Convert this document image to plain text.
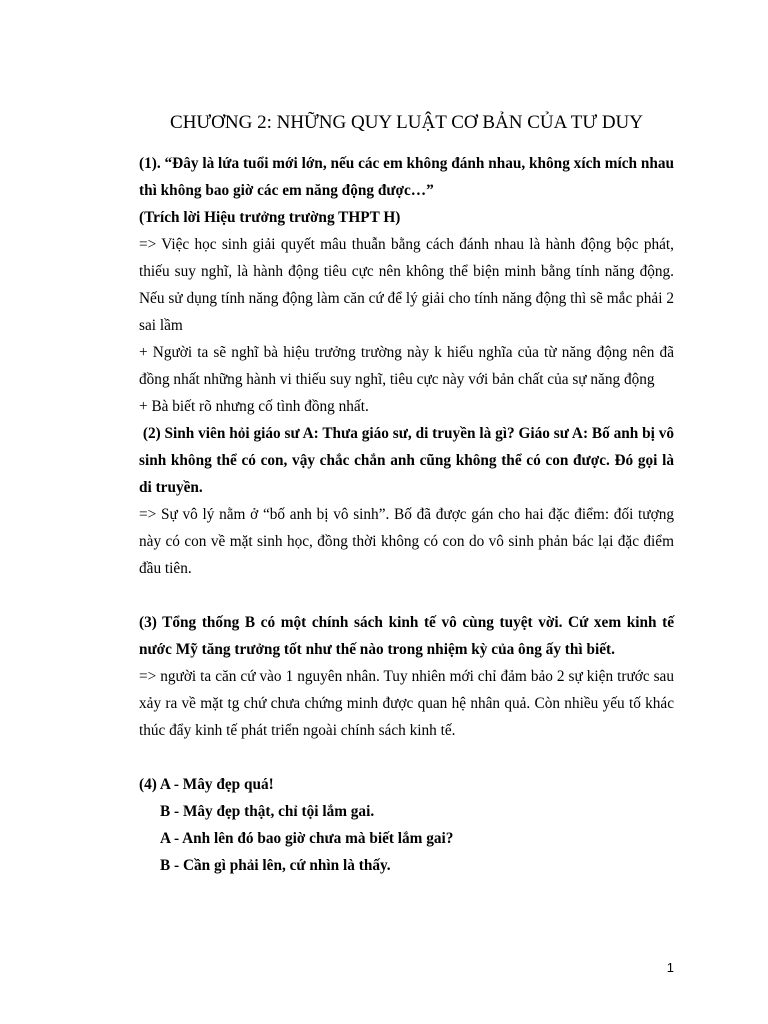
CHƯƠNG 2: NHỮNG QUY LUẬT CƠ BẢN CỦA TƯ DUY

(1). “Đây là lứa tuổi mới lớn, nếu các em không đánh nhau, không xích mích nhau thì không bao giờ các em năng động được…”

(Trích lời Hiệu trưởng trường THPT H)

=> Việc học sinh giải quyết mâu thuẫn bằng cách đánh nhau là hành động bộc phát, thiếu suy nghĩ, là hành động tiêu cực nên không thể biện minh bằng tính năng động. Nếu sử dụng tính năng động làm căn cứ để lý giải cho tính năng động thì sẽ mắc phải 2 sai lầm

+ Người ta sẽ nghĩ bà hiệu trưởng trường này k hiểu nghĩa của từ năng động nên đã đồng nhất những hành vi thiếu suy nghĩ, tiêu cực này với bản chất của sự năng động

+ Bà biết rõ nhưng cố tình đồng nhất.

(2) Sinh viên hỏi giáo sư A: Thưa giáo sư, di truyền là gì? Giáo sư A: Bố anh bị vô sinh không thể có con, vậy chắc chắn anh cũng không thể có con được. Đó gọi là di truyền.

=> Sự vô lý nằm ở “bố anh bị vô sinh”. Bố đã được gán cho hai đặc điểm: đối tượng này có con về mặt sinh học, đồng thời không có con do vô sinh phản bác lại đặc điểm đầu tiên.

(3) Tổng thống B có một chính sách kinh tế vô cùng tuyệt vời. Cứ xem kinh tế nước Mỹ tăng trưởng tốt như thế nào trong nhiệm kỳ của ông ấy thì biết.

=> người ta căn cứ vào 1 nguyên nhân. Tuy nhiên mới chỉ đảm bảo 2 sự kiện trước sau xảy ra về mặt tg chứ chưa chứng minh được quan hệ nhân quả. Còn nhiều yếu tố khác thúc đẩy kinh tế phát triển ngoài chính sách kinh tế.

(4) A - Mây đẹp quá!

B - Mây đẹp thật, chỉ tội lắm gai.

A - Anh lên đó bao giờ chưa mà biết lắm gai?

B - Cần gì phải lên, cứ nhìn là thấy.

1
